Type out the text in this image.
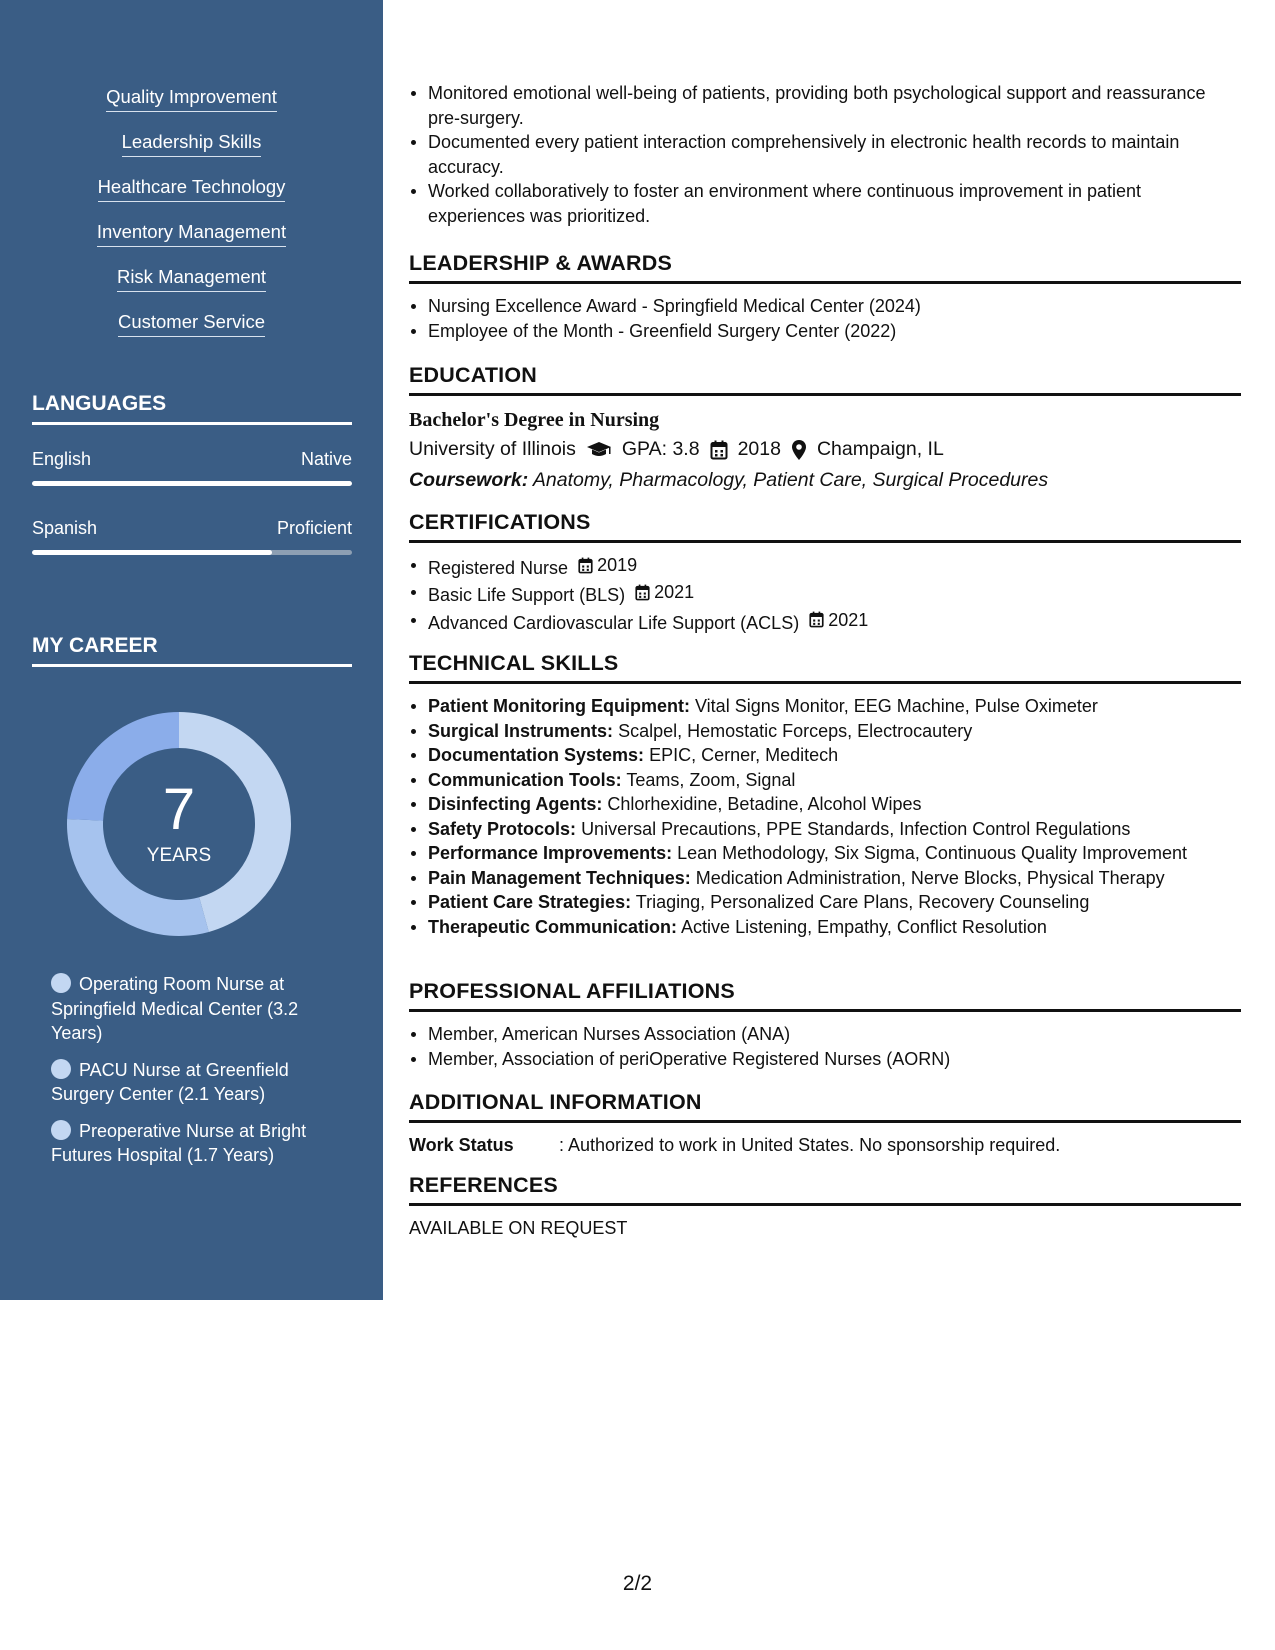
Quality Improvement
Leadership Skills
Healthcare Technology
Inventory Management
Risk Management
Customer Service
LANGUAGES
English	Native
Spanish	Proficient
MY CAREER
7
YEARS
Operating Room Nurse at Springfield Medical Center (3.2 Years)
PACU Nurse at Greenfield Surgery Center (2.1 Years)
Preoperative Nurse at Bright Futures Hospital (1.7 Years)
Monitored emotional well-being of patients, providing both psychological support and reassurance pre-surgery.
Documented every patient interaction comprehensively in electronic health records to maintain accuracy.
Worked collaboratively to foster an environment where continuous improvement in patient experiences was prioritized.
LEADERSHIP & AWARDS
Nursing Excellence Award - Springfield Medical Center (2024)
Employee of the Month - Greenfield Surgery Center (2022)
EDUCATION
Bachelor's Degree in Nursing
University of Illinois GPA: 3.8 2018 Champaign, IL
Coursework: Anatomy, Pharmacology, Patient Care, Surgical Procedures
CERTIFICATIONS
Registered Nurse 2019
Basic Life Support (BLS) 2021
Advanced Cardiovascular Life Support (ACLS) 2021
TECHNICAL SKILLS
Patient Monitoring Equipment: Vital Signs Monitor, EEG Machine, Pulse Oximeter
Surgical Instruments: Scalpel, Hemostatic Forceps, Electrocautery
Documentation Systems: EPIC, Cerner, Meditech
Communication Tools: Teams, Zoom, Signal
Disinfecting Agents: Chlorhexidine, Betadine, Alcohol Wipes
Safety Protocols: Universal Precautions, PPE Standards, Infection Control Regulations
Performance Improvements: Lean Methodology, Six Sigma, Continuous Quality Improvement
Pain Management Techniques: Medication Administration, Nerve Blocks, Physical Therapy
Patient Care Strategies: Triaging, Personalized Care Plans, Recovery Counseling
Therapeutic Communication: Active Listening, Empathy, Conflict Resolution
PROFESSIONAL AFFILIATIONS
Member, American Nurses Association (ANA)
Member, Association of periOperative Registered Nurses (AORN)
ADDITIONAL INFORMATION
Work Status	: Authorized to work in United States. No sponsorship required.
REFERENCES
AVAILABLE ON REQUEST
2/2
